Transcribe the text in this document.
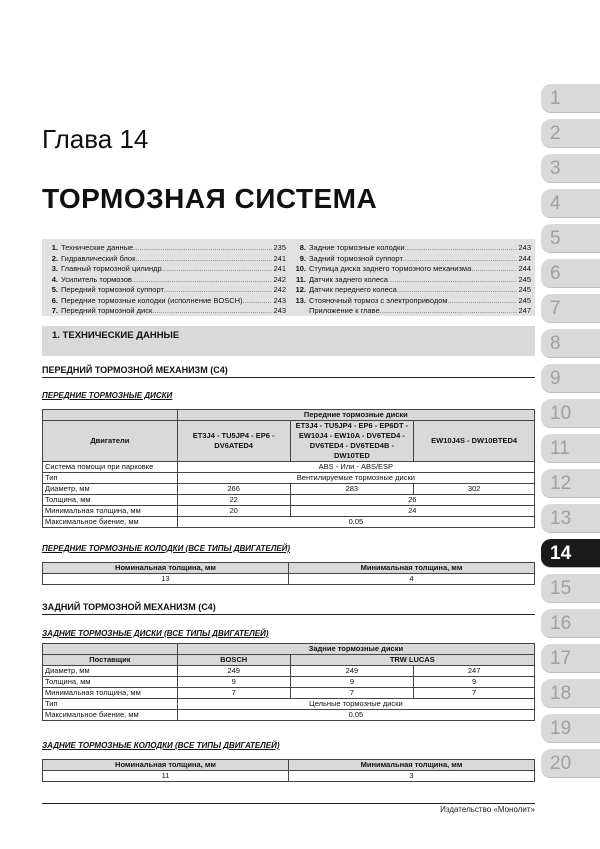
1
2
3
4
5
6
7
8
9
10
11
12
13
14
15
16
17
18
19
20
Глава 14
ТОРМОЗНАЯ СИСТЕМА
1. Технические данные .....	235
2. Гидравлический блок .....	241
3. Главный тормозной цилиндр .....	241
4. Усилитель тормозов .....	242
5. Передний тормозной суппорт .....	242
6. Передние тормозные колодки (исполнение BOSCH) .....	243
7. Передний тормозной диск .....	243
8. Задние тормозные колодки .....	243
9. Задний тормозной суппорт .....	244
10. Ступица диска заднего тормозного механизма .....	244
11. Датчик заднего колеса .....	245
12. Датчик переднего колеса .....	245
13. Стояночный тормоз с электроприводом .....	245
Приложение к главе .....	247
1. ТЕХНИЧЕСКИЕ ДАННЫЕ
ПЕРЕДНИЙ ТОРМОЗНОЙ МЕХАНИЗМ (C4)
ПЕРЕДНИЕ ТОРМОЗНЫЕ ДИСКИ
	Передние тормозные диски		
Двигатели	ET3J4 - TU5JP4 - EP6 - DV6ATED4	ET3J4 - TU5JP4 - EP6 - EP6DT - EW10J4 - EW10A - DV6TED4 - DV6TED4 - DV6TED4B - DW10TED	EW10J4S - DW10BTED4
Система помощи при парковке	ABS - Или - ABS/ESP		
Тип	Вентилируемые тормозные диски		
Диаметр, мм	266	283	302
Толщина, мм	22	26	
Минимальная толщина, мм	20	24	
Максимальное биение, мм	0,05		
ПЕРЕДНИЕ ТОРМОЗНЫЕ КОЛОДКИ (ВСЕ ТИПЫ ДВИГАТЕЛЕЙ)
Номинальная толщина, мм	Минимальная толщина, мм
13	4
ЗАДНИЙ ТОРМОЗНОЙ МЕХАНИЗМ (C4)
ЗАДНИЕ ТОРМОЗНЫЕ ДИСКИ (ВСЕ ТИПЫ ДВИГАТЕЛЕЙ)
	Задние тормозные диски		
Поставщик	BOSCH	TRW LUCAS	
Диаметр, мм	249	249	247
Толщина, мм	9	9	9
Минимальная толщина, мм	7	7	7
Тип	Цельные тормозные диски		
Максимальное биение, мм	0,05		
ЗАДНИЕ ТОРМОЗНЫЕ КОЛОДКИ (ВСЕ ТИПЫ ДВИГАТЕЛЕЙ)
Номинальная толщина, мм	Минимальная толщина, мм
11	3
Издательство «Монолит»
